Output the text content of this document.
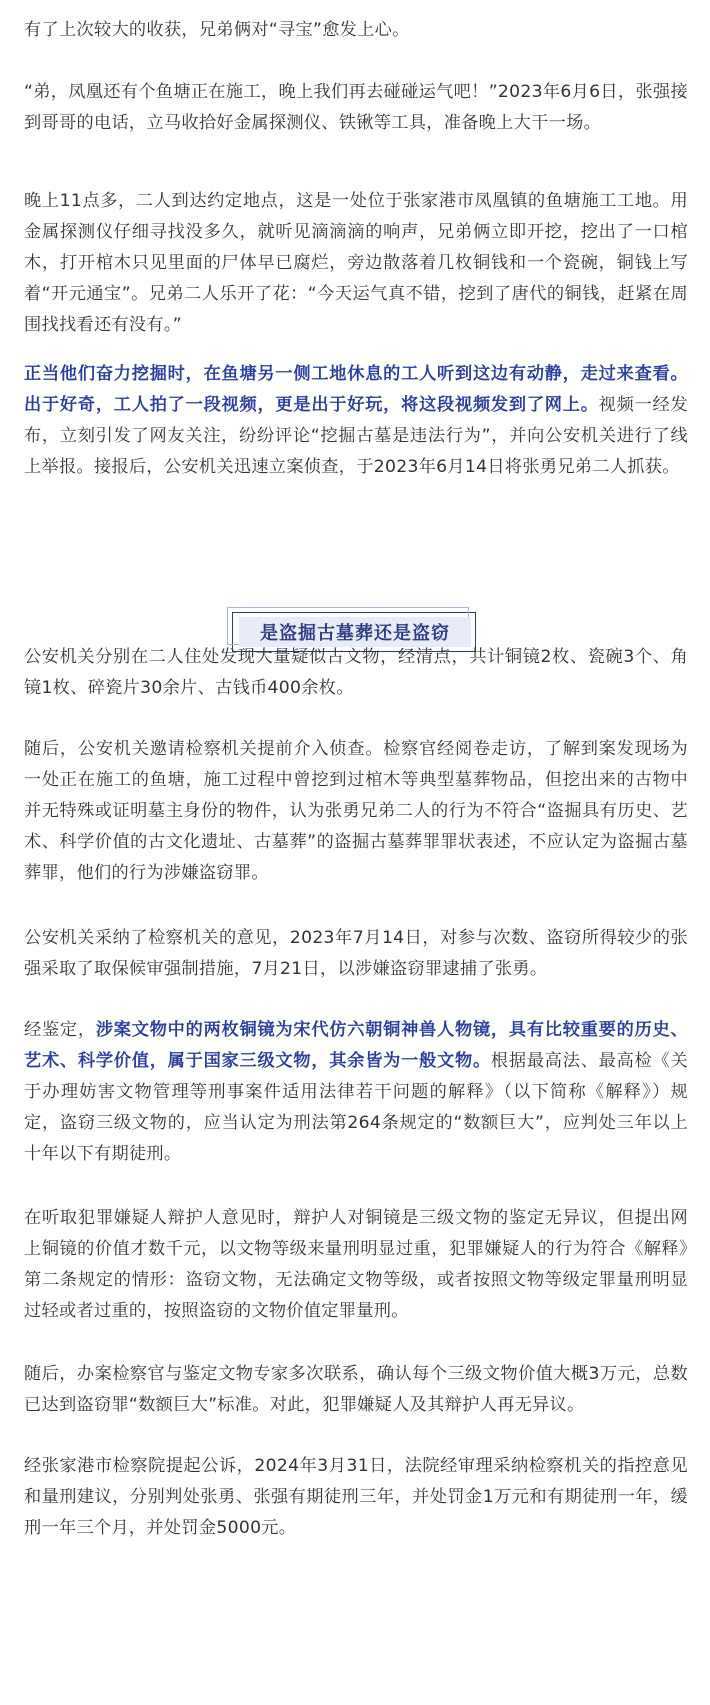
有了上次较大的收获，兄弟俩对“寻宝”愈发上心。

“弟，凤凰还有个鱼塘正在施工，晚上我们再去碰碰运气吧！”2023年6月6日，张强接到哥哥的电话，立马收拾好金属探测仪、铁锹等工具，准备晚上大干一场。

晚上11点多，二人到达约定地点，这是一处位于张家港市凤凰镇的鱼塘施工工地。用金属探测仪仔细寻找没多久，就听见滴滴滴的响声，兄弟俩立即开挖，挖出了一口棺木，打开棺木只见里面的尸体早已腐烂，旁边散落着几枚铜钱和一个瓷碗，铜钱上写着“开元通宝”。兄弟二人乐开了花：“今天运气真不错，挖到了唐代的铜钱，赶紧在周围找找看还有没有。”

正当他们奋力挖掘时，在鱼塘另一侧工地休息的工人听到这边有动静，走过来查看。出于好奇，工人拍了一段视频，更是出于好玩，将这段视频发到了网上。视频一经发布，立刻引发了网友关注，纷纷评论“挖掘古墓是违法行为”，并向公安机关进行了线上举报。接报后，公安机关迅速立案侦查，于2023年6月14日将张勇兄弟二人抓获。

是盗掘古墓葬还是盗窃

公安机关分别在二人住处发现大量疑似古文物，经清点，共计铜镜2枚、瓷碗3个、角镜1枚、碎瓷片30余片、古钱币400余枚。

随后，公安机关邀请检察机关提前介入侦查。检察官经阅卷走访，了解到案发现场为一处正在施工的鱼塘，施工过程中曾挖到过棺木等典型墓葬物品，但挖出来的古物中并无特殊或证明墓主身份的物件，认为张勇兄弟二人的行为不符合“盗掘具有历史、艺术、科学价值的古文化遗址、古墓葬”的盗掘古墓葬罪罪状表述，不应认定为盗掘古墓葬罪，他们的行为涉嫌盗窃罪。

公安机关采纳了检察机关的意见，2023年7月14日，对参与次数、盗窃所得较少的张强采取了取保候审强制措施，7月21日，以涉嫌盗窃罪逮捕了张勇。

经鉴定，涉案文物中的两枚铜镜为宋代仿六朝铜神兽人物镜，具有比较重要的历史、艺术、科学价值，属于国家三级文物，其余皆为一般文物。根据最高法、最高检《关于办理妨害文物管理等刑事案件适用法律若干问题的解释》（以下简称《解释》）规定，盗窃三级文物的，应当认定为刑法第264条规定的“数额巨大”，应判处三年以上十年以下有期徒刑。

在听取犯罪嫌疑人辩护人意见时，辩护人对铜镜是三级文物的鉴定无异议，但提出网上铜镜的价值才数千元，以文物等级来量刑明显过重，犯罪嫌疑人的行为符合《解释》第二条规定的情形：盗窃文物，无法确定文物等级，或者按照文物等级定罪量刑明显过轻或者过重的，按照盗窃的文物价值定罪量刑。

随后，办案检察官与鉴定文物专家多次联系，确认每个三级文物价值大概3万元，总数已达到盗窃罪“数额巨大”标准。对此，犯罪嫌疑人及其辩护人再无异议。

经张家港市检察院提起公诉，2024年3月31日，法院经审理采纳检察机关的指控意见和量刑建议，分别判处张勇、张强有期徒刑三年，并处罚金1万元和有期徒刑一年，缓刑一年三个月，并处罚金5000元。
